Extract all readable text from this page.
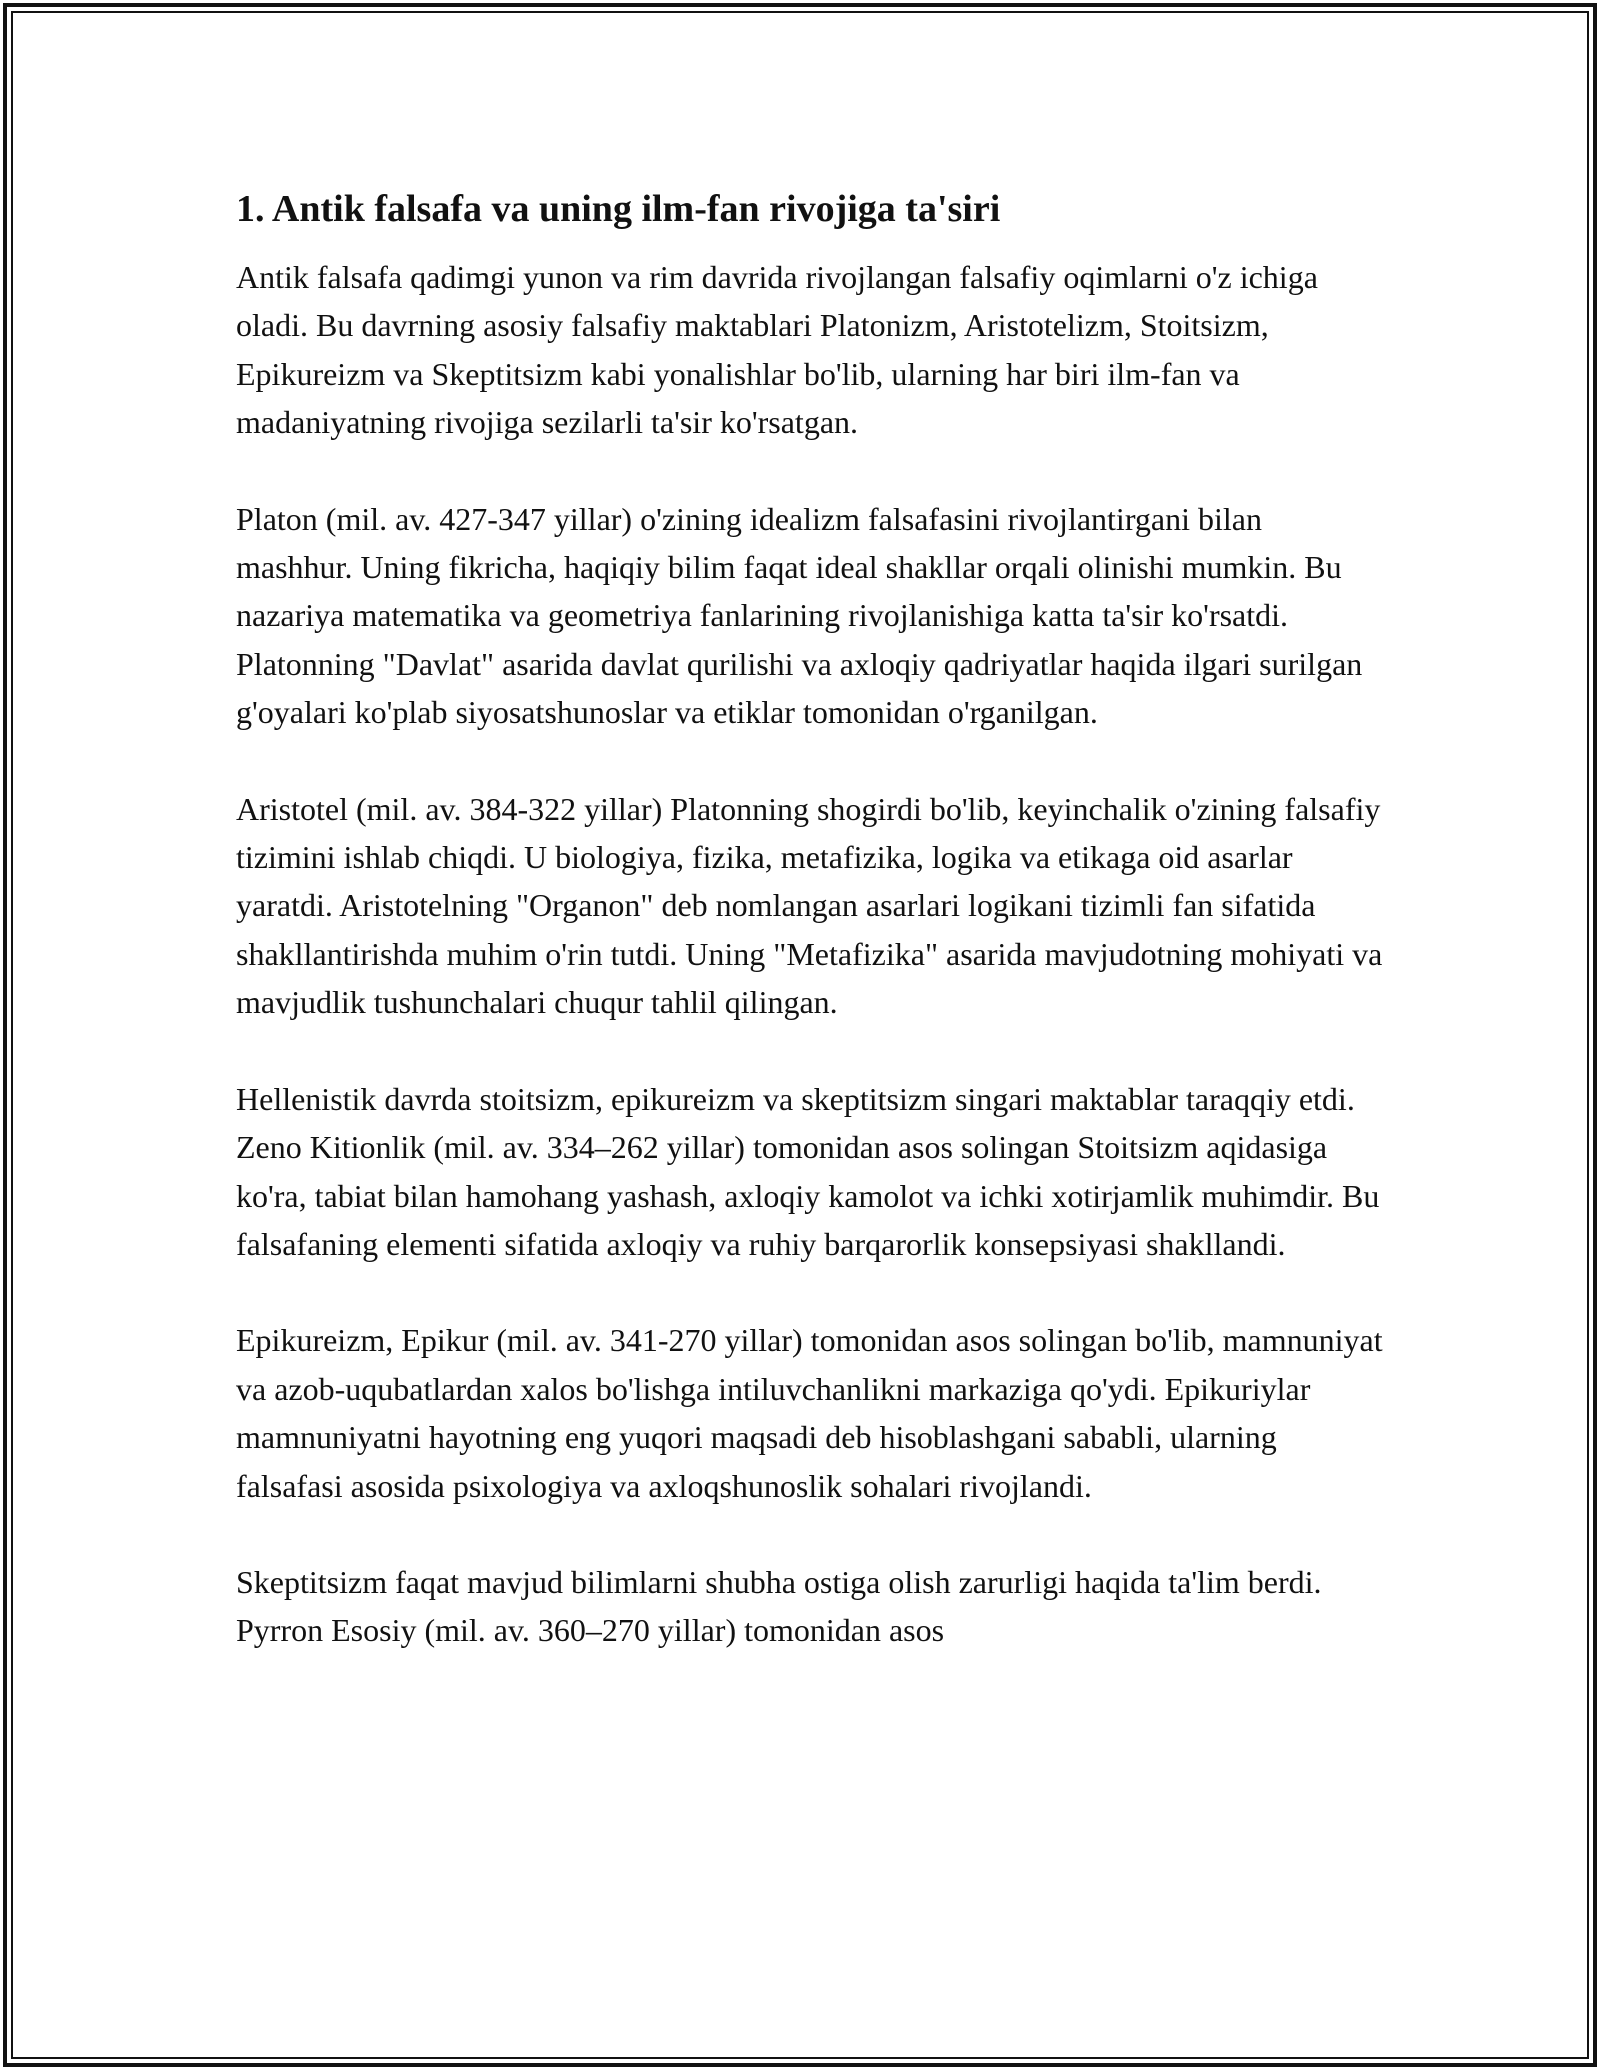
1. Antik falsafa va uning ilm-fan rivojiga ta'siri

Antik falsafa qadimgi yunon va rim davrida rivojlangan falsafiy oqimlarni o'z ichiga oladi. Bu davrning asosiy falsafiy maktablari Platonizm, Aristotelizm, Stoitsizm, Epikureizm va Skeptitsizm kabi yonalishlar bo'lib, ularning har biri ilm-fan va madaniyatning rivojiga sezilarli ta'sir ko'rsatgan.

Platon (mil. av. 427-347 yillar) o'zining idealizm falsafasini rivojlantirgani bilan mashhur. Uning fikricha, haqiqiy bilim faqat ideal shakllar orqali olinishi mumkin. Bu nazariya matematika va geometriya fanlarining rivojlanishiga katta ta'sir ko'rsatdi. Platonning "Davlat" asarida davlat qurilishi va axloqiy qadriyatlar haqida ilgari surilgan g'oyalari ko'plab siyosatshunoslar va etiklar tomonidan o'rganilgan.

Aristotel (mil. av. 384-322 yillar) Platonning shogirdi bo'lib, keyinchalik o'zining falsafiy tizimini ishlab chiqdi. U biologiya, fizika, metafizika, logika va etikaga oid asarlar yaratdi. Aristotelning "Organon" deb nomlangan asarlari logikani tizimli fan sifatida shakllantirishda muhim o'rin tutdi. Uning "Metafizika" asarida mavjudotning mohiyati va mavjudlik tushunchalari chuqur tahlil qilingan.

Hellenistik davrda stoitsizm, epikureizm va skeptitsizm singari maktablar taraqqiy etdi. Zeno Kitionlik (mil. av. 334–262 yillar) tomonidan asos solingan Stoitsizm aqidasiga ko'ra, tabiat bilan hamohang yashash, axloqiy kamolot va ichki xotirjamlik muhimdir. Bu falsafaning elementi sifatida axloqiy va ruhiy barqarorlik konsepsiyasi shakllandi.

Epikureizm, Epikur (mil. av. 341-270 yillar) tomonidan asos solingan bo'lib, mamnuniyat va azob-uqubatlardan xalos bo'lishga intiluvchanlikni markaziga qo'ydi. Epikuriylar mamnuniyatni hayotning eng yuqori maqsadi deb hisoblashgani sababli, ularning falsafasi asosida psixologiya va axloqshunoslik sohalari rivojlandi.

Skeptitsizm faqat mavjud bilimlarni shubha ostiga olish zarurligi haqida ta'lim berdi. Pyrron Esosiy (mil. av. 360–270 yillar) tomonidan asos
